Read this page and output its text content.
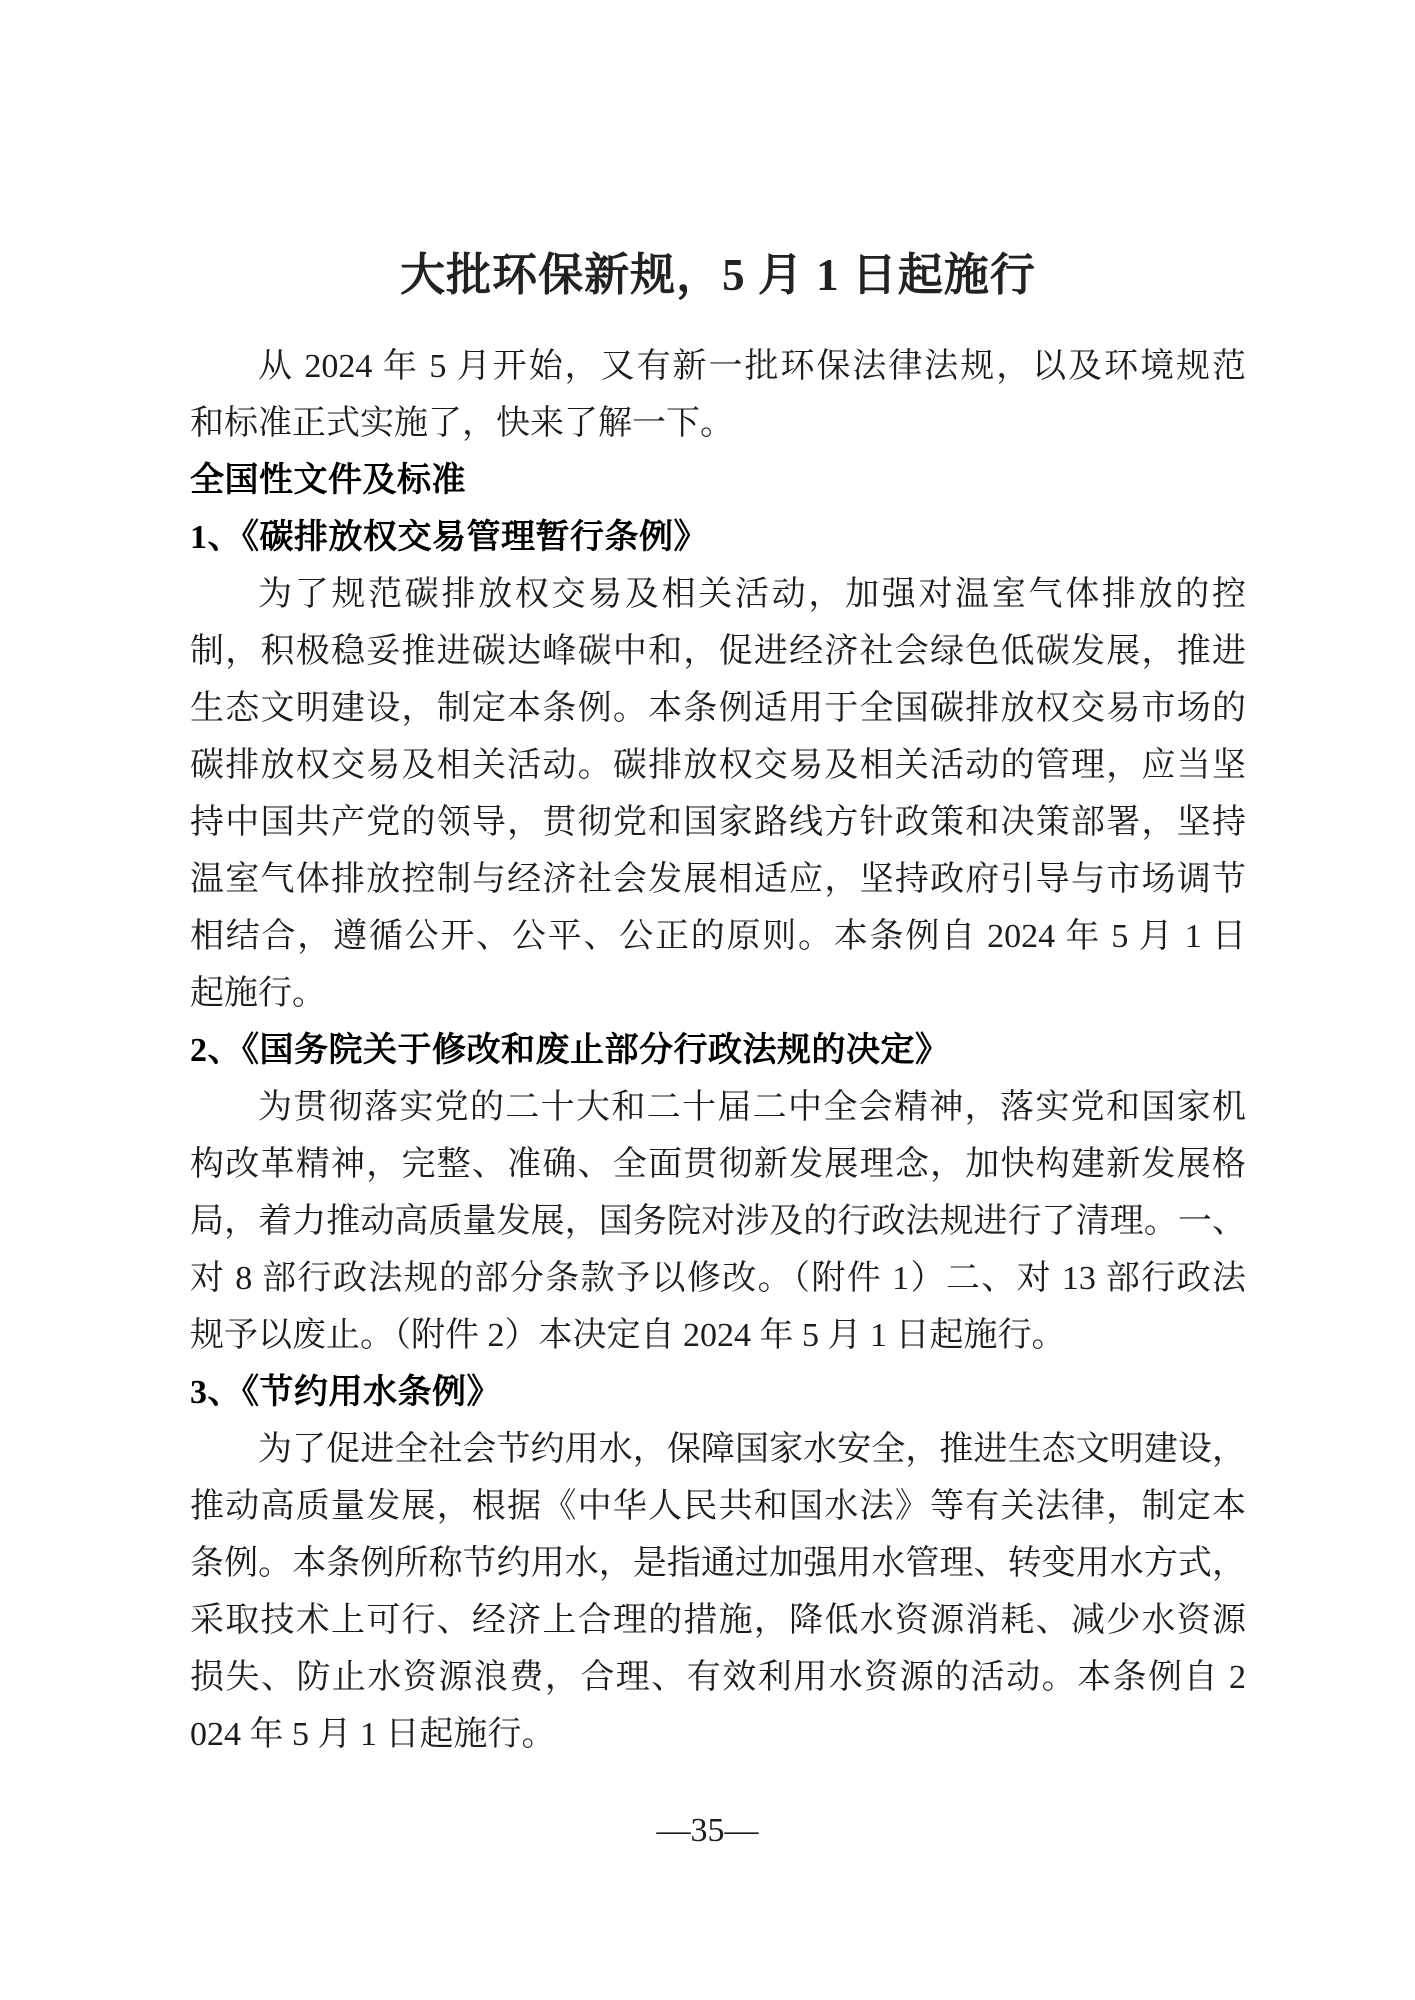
大批环保新规，5 月 1 日起施行
从 2024 年 5 月开始，又有新一批环保法律法规，以及环境规范
和标准正式实施了，快来了解一下。
全国性文件及标准
1、《碳排放权交易管理暂行条例》
为了规范碳排放权交易及相关活动，加强对温室气体排放的控
制，积极稳妥推进碳达峰碳中和，促进经济社会绿色低碳发展，推进
生态文明建设，制定本条例。本条例适用于全国碳排放权交易市场的
碳排放权交易及相关活动。碳排放权交易及相关活动的管理，应当坚
持中国共产党的领导，贯彻党和国家路线方针政策和决策部署，坚持
温室气体排放控制与经济社会发展相适应，坚持政府引导与市场调节
相结合，遵循公开、公平、公正的原则。本条例自 2024 年 5 月 1 日
起施行。
2、《国务院关于修改和废止部分行政法规的决定》
为贯彻落实党的二十大和二十届二中全会精神，落实党和国家机
构改革精神，完整、准确、全面贯彻新发展理念，加快构建新发展格
局，着力推动高质量发展，国务院对涉及的行政法规进行了清理。一、
对 8 部行政法规的部分条款予以修改。（附件 1）二、对 13 部行政法
规予以废止。（附件 2）本决定自 2024 年 5 月 1 日起施行。
3、《节约用水条例》
为了促进全社会节约用水，保障国家水安全，推进生态文明建设，
推动高质量发展，根据《中华人民共和国水法》等有关法律，制定本
条例。本条例所称节约用水，是指通过加强用水管理、转变用水方式，
采取技术上可行、经济上合理的措施，降低水资源消耗、减少水资源
损失、防止水资源浪费，合理、有效利用水资源的活动。本条例自 2
024 年 5 月 1 日起施行。
—35—
